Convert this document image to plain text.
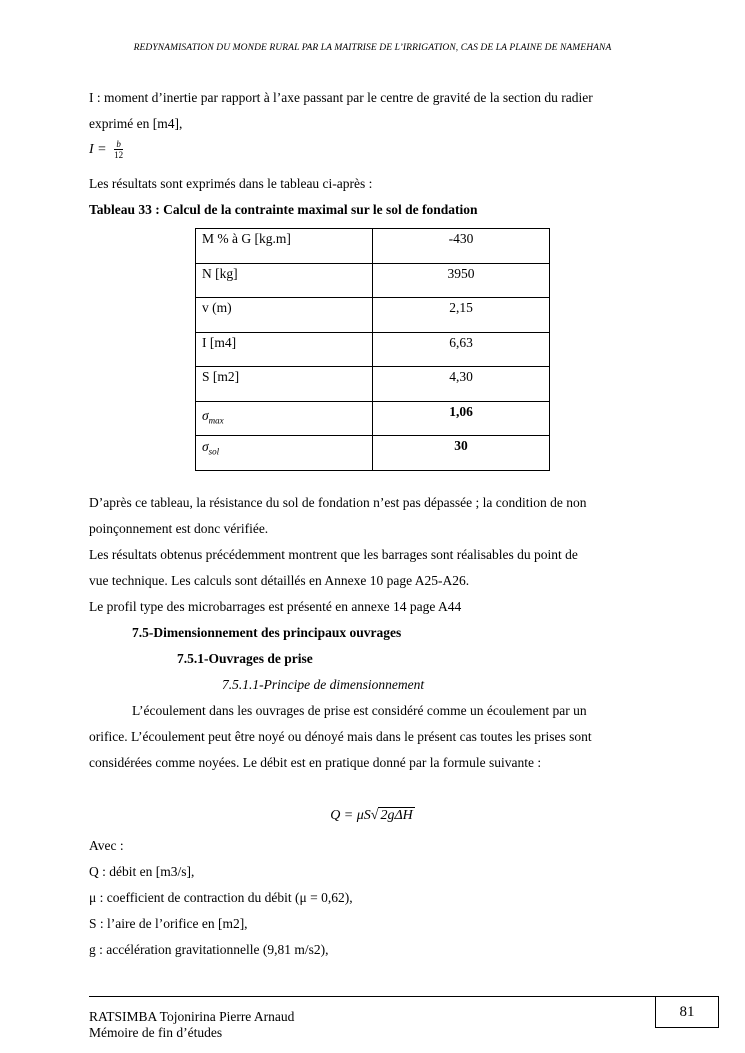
REDYNAMISATION DU MONDE RURAL PAR LA MAITRISE DE L’IRRIGATION, CAS DE LA PLAINE DE NAMEHANA
I : moment d’inertie par rapport à l’axe passant par le centre de gravité de la section du radier
exprimé en [m4],
$I = \frac{b}{12}$
Les résultats sont exprimés dans le tableau ci-après :
Tableau 33 : Calcul de la contrainte maximal sur le sol de fondation
M % à G [kg.m]	-430
N [kg]	3950
v (m)	2,15
I [m4]	6,63
S [m2]	4,30
$\sigma_{max}$	1,06
$\sigma_{sol}$	30
D’après ce tableau, la résistance du sol de fondation n’est pas dépassée ; la condition de non
poinçonnement est donc vérifiée.
Les résultats obtenus précédemment montrent que les barrages sont réalisables du point de
vue technique. Les calculs sont détaillés en Annexe 10 page A25-A26.
Le profil type des microbarrages est présenté en annexe 14 page A44
7.5-Dimensionnement des principaux ouvrages
7.5.1-Ouvrages de prise
7.5.1.1-Principe de dimensionnement
L’écoulement dans les ouvrages de prise est considéré comme un écoulement par un
orifice. L’écoulement peut être noyé ou dénoyé mais dans le présent cas toutes les prises sont
considérées comme noyées. Le débit est en pratique donné par la formule suivante :
Q = μS√ 2gΔH
Avec :
Q : débit en [m3/s],
μ : coefficient de contraction du débit (μ = 0,62),
S : l’aire de l’orifice en [m2],
g : accélération gravitationnelle (9,81 m/s2),
81
RATSIMBA Tojonirina Pierre Arnaud
Mémoire de fin d’études
